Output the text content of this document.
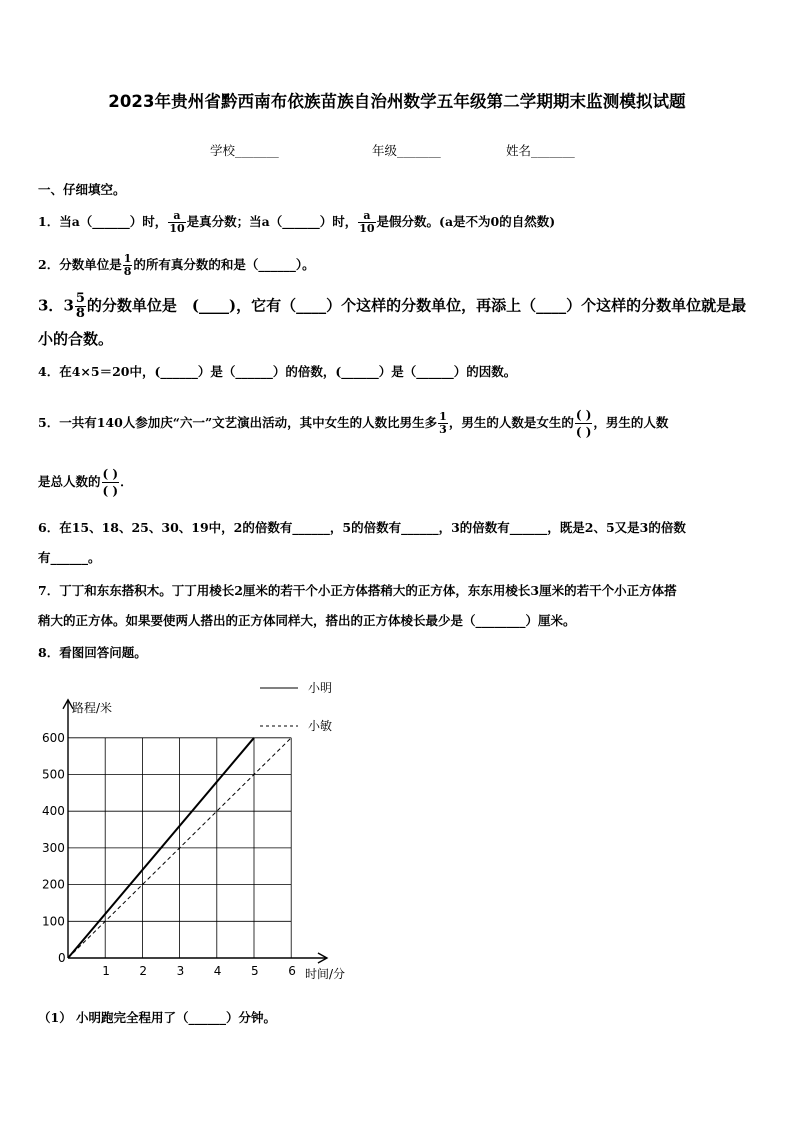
2023年贵州省黔西南布依族苗族自治州数学五年级第二学期期末监测模拟试题
学校_______	年级_______	姓名_______
一、仔细填空。
1．当a（______）时， $\frac{a}{10}$ 是真分数；当a（______）时， $\frac{a}{10}$ 是假分数。(a是不为0的自然数)
2．分数单位是 $\frac{1}{8}$ 的所有真分数的和是（______）。
3．$3 \frac{5}{8}$ 的分数单位是　(____)，它有（____）个这样的分数单位，再添上（____）个这样的分数单位就是最
小的合数。
4．在4×5＝20中，(______）是（______）的倍数，(______）是（______）的因数。
5．一共有140人参加庆“六一”文艺演出活动，其中女生的人数比男生多 $\frac{1}{3}$ ，男生的人数是女生的 $\frac{( )}{( )}$ ，男生的人数
是总人数的 $\frac{( )}{( )}$ ．
6．在15、18、25、30、19中，2的倍数有______，5的倍数有______，3的倍数有______，既是2、5又是3的倍数
有______。
7．丁丁和东东搭积木。丁丁用棱长2厘米的若干个小正方体搭稍大的正方体，东东用棱长3厘米的若干个小正方体搭
稍大的正方体。如果要使两人搭出的正方体同样大，搭出的正方体棱长最少是（________）厘米。
8．看图回答问题。
1 2 3 4 5 6
100
200
300
400
500
600
0
路程/米
时间/分
小明
小敏
（1） 小明跑完全程用了（______）分钟。
